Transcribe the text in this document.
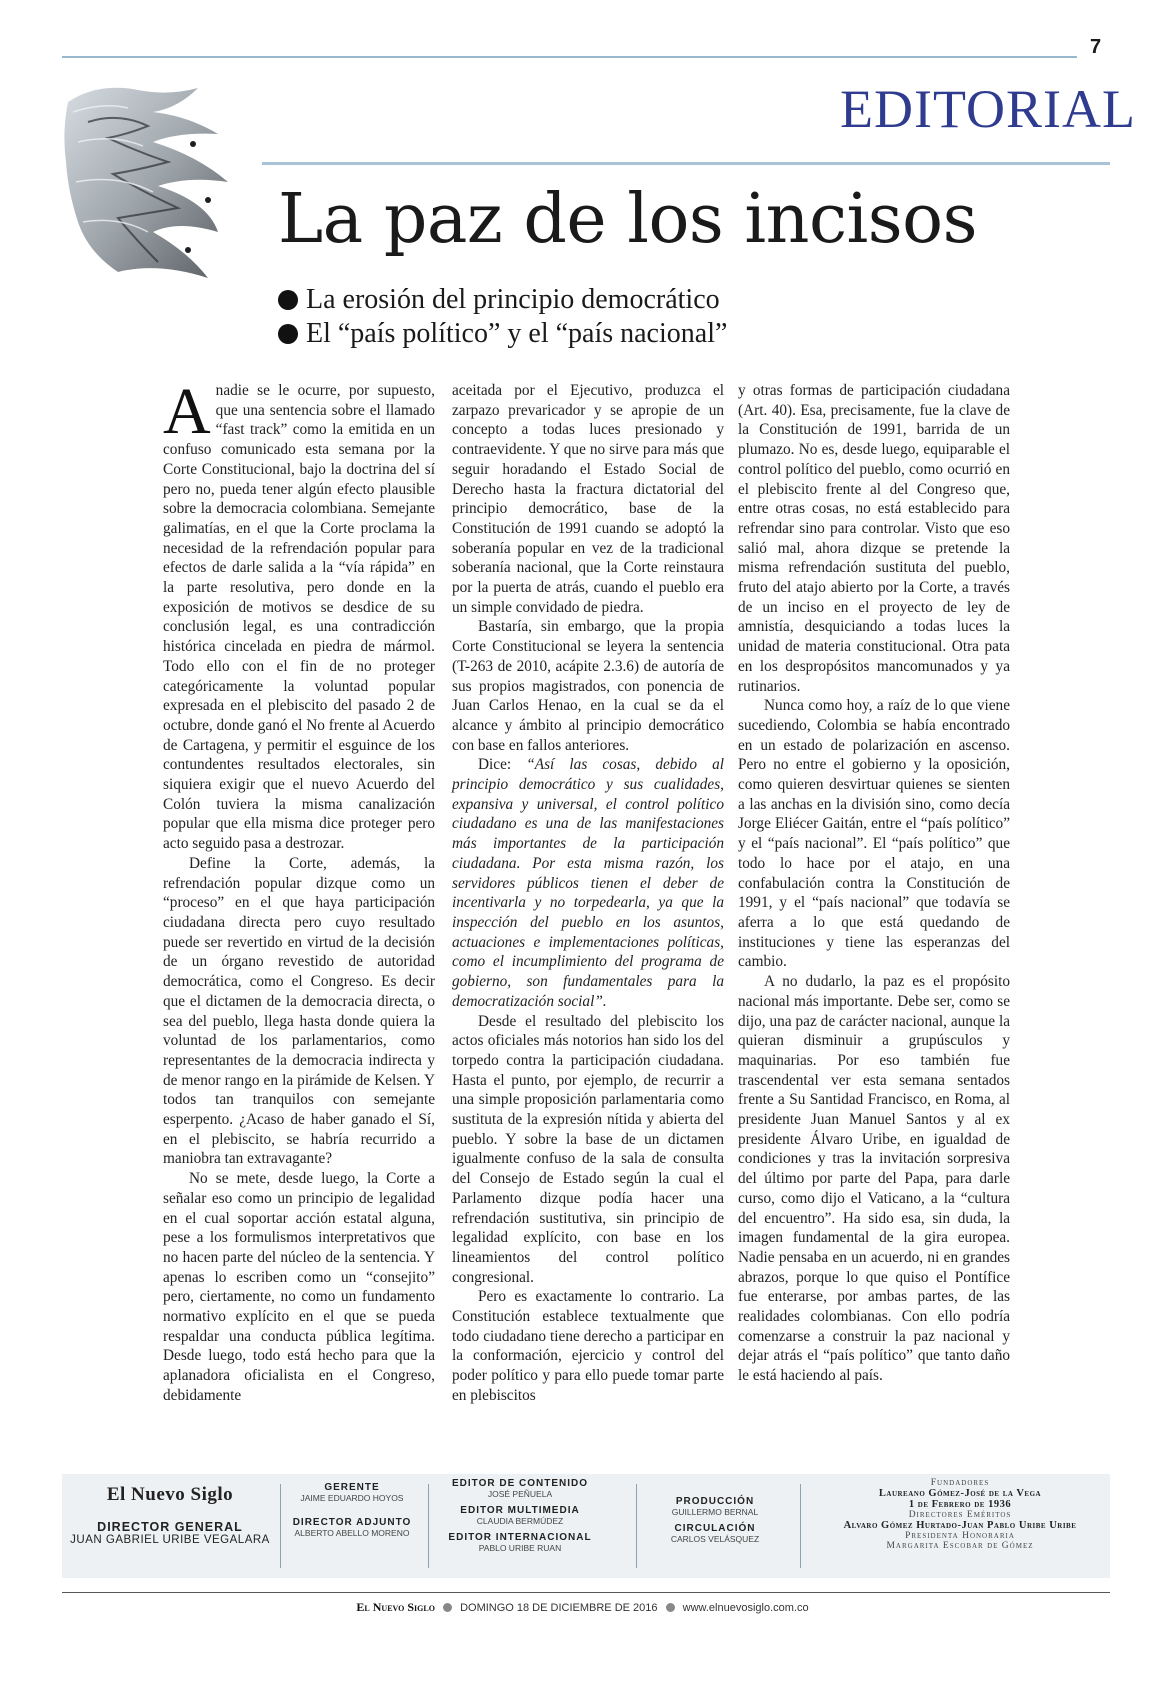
7
EDITORIAL
La paz de los incisos
La erosión del principio democrático
El “país político” y el “país nacional”

Anadie se le ocurre, por supuesto, que una sentencia sobre el llamado “fast track” como la emitida en un confuso comunicado esta semana por la Corte Constitucional, bajo la doctrina del sí pero no, pueda tener algún efecto plausible sobre la democracia colombiana. Semejante galimatías, en el que la Corte proclama la necesidad de la refrendación popular para efectos de darle salida a la “vía rápida” en la parte resolutiva, pero donde en la exposición de motivos se desdice de su conclusión legal, es una contradicción histórica cincelada en piedra de mármol. Todo ello con el fin de no proteger categóricamente la voluntad popular expresada en el plebiscito del pasado 2 de octubre, donde ganó el No frente al Acuerdo de Cartagena, y permitir el esguince de los contundentes resultados electorales, sin siquiera exigir que el nuevo Acuerdo del Colón tuviera la misma canalización popular que ella misma dice proteger pero acto seguido pasa a destrozar.

Define la Corte, además, la refrendación popular dizque como un “proceso” en el que haya participación ciudadana directa pero cuyo resultado puede ser revertido en virtud de la decisión de un órgano revestido de autoridad democrática, como el Congreso. Es decir que el dictamen de la democracia directa, o sea del pueblo, llega hasta donde quiera la voluntad de los parlamentarios, como representantes de la democracia indirecta y de menor rango en la pirámide de Kelsen. Y todos tan tranquilos con semejante esperpento. ¿Acaso de haber ganado el Sí, en el plebiscito, se habría recurrido a maniobra tan extravagante?

No se mete, desde luego, la Corte a señalar eso como un principio de legalidad en el cual soportar acción estatal alguna, pese a los formulismos interpretativos que no hacen parte del núcleo de la sentencia. Y apenas lo escriben como un “consejito” pero, ciertamente, no como un fundamento normativo explícito en el que se pueda respaldar una conducta pública legítima. Desde luego, todo está hecho para que la aplanadora oficialista en el Congreso, debidamente

aceitada por el Ejecutivo, produzca el zarpazo prevaricador y se apropie de un concepto a todas luces presionado y contraevidente. Y que no sirve para más que seguir horadando el Estado Social de Derecho hasta la fractura dictatorial del principio democrático, base de la Constitución de 1991 cuando se adoptó la soberanía popular en vez de la tradicional soberanía nacional, que la Corte reinstaura por la puerta de atrás, cuando el pueblo era un simple convidado de piedra.

Bastaría, sin embargo, que la propia Corte Constitucional se leyera la sentencia (T-263 de 2010, acápite 2.3.6) de autoría de sus propios magistrados, con ponencia de Juan Carlos Henao, en la cual se da el alcance y ámbito al principio democrático con base en fallos anteriores.

Dice: “Así las cosas, debido al principio democrático y sus cualidades, expansiva y universal, el control político ciudadano es una de las manifestaciones más importantes de la participación ciudadana. Por esta misma razón, los servidores públicos tienen el deber de incentivarla y no torpedearla, ya que la inspección del pueblo en los asuntos, actuaciones e implementaciones políticas, como el incumplimiento del programa de gobierno, son fundamentales para la democratización social”.

Desde el resultado del plebiscito los actos oficiales más notorios han sido los del torpedo contra la participación ciudadana. Hasta el punto, por ejemplo, de recurrir a una simple proposición parlamentaria como sustituta de la expresión nítida y abierta del pueblo. Y sobre la base de un dictamen igualmente confuso de la sala de consulta del Consejo de Estado según la cual el Parlamento dizque podía hacer una refrendación sustitutiva, sin principio de legalidad explícito, con base en los lineamientos del control político congresional.

Pero es exactamente lo contrario. La Constitución establece textualmente que todo ciudadano tiene derecho a participar en la conformación, ejercicio y control del poder político y para ello puede tomar parte en plebiscitos

y otras formas de participación ciudadana (Art. 40). Esa, precisamente, fue la clave de la Constitución de 1991, barrida de un plumazo. No es, desde luego, equiparable el control político del pueblo, como ocurrió en el plebiscito frente al del Congreso que, entre otras cosas, no está establecido para refrendar sino para controlar. Visto que eso salió mal, ahora dizque se pretende la misma refrendación sustituta del pueblo, fruto del atajo abierto por la Corte, a través de un inciso en el proyecto de ley de amnistía, desquiciando a todas luces la unidad de materia constitucional. Otra pata en los despropósitos mancomunados y ya rutinarios.

Nunca como hoy, a raíz de lo que viene sucediendo, Colombia se había encontrado en un estado de polarización en ascenso. Pero no entre el gobierno y la oposición, como quieren desvirtuar quienes se sienten a las anchas en la división sino, como decía Jorge Eliécer Gaitán, entre el “país político” y el “país nacional”. El “país político” que todo lo hace por el atajo, en una confabulación contra la Constitución de 1991, y el “país nacional” que todavía se aferra a lo que está quedando de instituciones y tiene las esperanzas del cambio.

A no dudarlo, la paz es el propósito nacional más importante. Debe ser, como se dijo, una paz de carácter nacional, aunque la quieran disminuir a grupúsculos y maquinarias. Por eso también fue trascendental ver esta semana sentados frente a Su Santidad Francisco, en Roma, al presidente Juan Manuel Santos y al ex presidente Álvaro Uribe, en igualdad de condiciones y tras la invitación sorpresiva del último por parte del Papa, para darle curso, como dijo el Vaticano, a la “cultura del encuentro”. Ha sido esa, sin duda, la imagen fundamental de la gira europea. Nadie pensaba en un acuerdo, ni en grandes abrazos, porque lo que quiso el Pontífice fue enterarse, por ambas partes, de las realidades colombianas. Con ello podría comenzarse a construir la paz nacional y dejar atrás el “país político” que tanto daño le está haciendo al país.

El Nuevo Siglo
DIRECTOR GENERAL
JUAN GABRIEL URIBE VEGALARA
GERENTE
JAIME EDUARDO HOYOS
DIRECTOR ADJUNTO
ALBERTO ABELLO MORENO
EDITOR DE CONTENIDO
JOSÉ PEÑUELA
EDITOR MULTIMEDIA
CLAUDIA BERMÚDEZ
EDITOR INTERNACIONAL
PABLO URIBE RUAN
PRODUCCIÓN
GUILLERMO BERNAL
CIRCULACIÓN
CARLOS VELÁSQUEZ
Fundadores
Laureano Gómez-José de la Vega
1 de Febrero de 1936
Directores Eméritos
Alvaro Gómez Hurtado-Juan Pablo Uribe Uribe
Presidenta Honoraria
Margarita Escobar de Gómez
El Nuevo Siglo DOMINGO 18 DE DICIEMBRE DE 2016 www.elnuevosiglo.com.co
